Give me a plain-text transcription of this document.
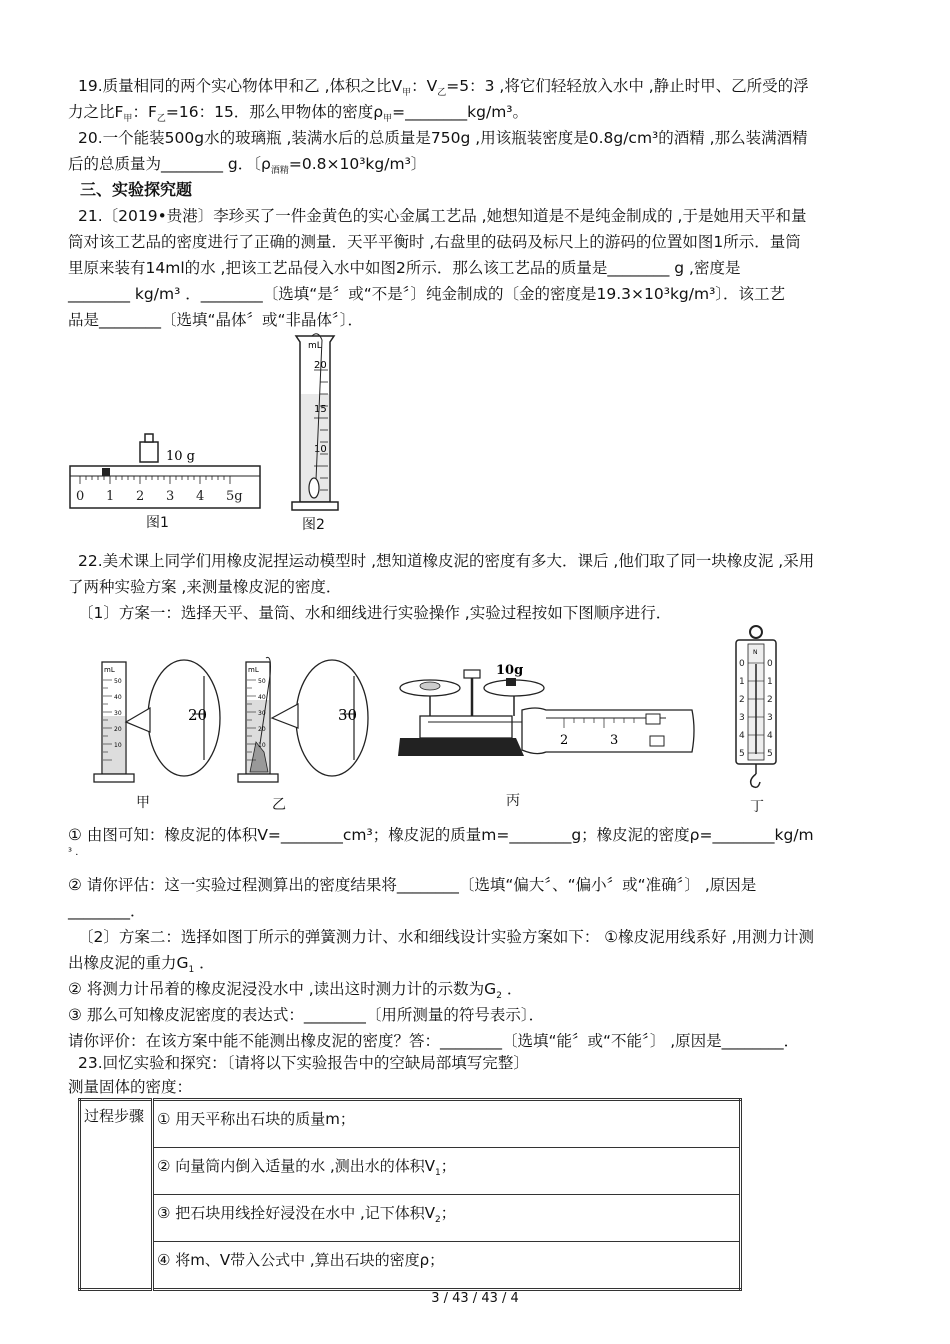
19.质量相同的两个实心物体甲和乙 ,体积之比$V_甲$：$V_乙=5$：3 ,将它们轻轻放入水中 ,静止时甲、乙所受的浮
力之比$F_甲$：$F_乙=16$：15．那么甲物体的密度$\rho_甲=\_\_\_\_\_\_\_\_kg/m^3$。
20.一个能装500g水的玻璃瓶 ,装满水后的总质量是750g ,用该瓶装密度是0.8g/cm³的酒精 ,那么装满酒精
后的总质量为________ g．〔$\rho_{酒精}=0.8\times 10^3kg/m^3$〕
三、实验探究题
21.〔2019•贵港〕李珍买了一件金黄色的实心金属工艺品 ,她想知道是不是纯金制成的 ,于是她用天平和量
筒对该工艺品的密度进行了正确的测量．天平平衡时 ,右盘里的砝码及标尺上的游码的位置如图1所示．量筒
里原来装有14ml的水 ,把该工艺品侵入水中如图2所示．那么该工艺品的质量是________ g ,密度是
________ kg/m³ ．________〔选填“是〞或“不是〞〕纯金制成的〔金的密度是19.3×10³kg/m³〕．该工艺
品是________〔选填“晶体〞或“非晶体〞〕．
10 g
0 1 2 3 4 5g
图1
mL
20
15
10
图2
22.美术课上同学们用橡皮泥捏运动模型时 ,想知道橡皮泥的密度有多大．课后 ,他们取了同一块橡皮泥 ,采用
了两种实验方案 ,来测量橡皮泥的密度．
〔1〕方案一：选择天平、量筒、水和细线进行实验操作 ,实验过程按如下图顺序进行．
mL
50
40
30
20
10
20
甲
mL
50
40
30
20
10
30
乙
10g
2	3
丙
N
0
1
2
3
4
5
0
1
2
3
4
5
丁
① 由图可知：橡皮泥的体积V=________cm³；橡皮泥的质量m=________g；橡皮泥的密度ρ=________kg/m
³ ．
② 请你评估：这一实验过程测算出的密度结果将________〔选填“偏大〞、“偏小〞或“准确〞〕 ,原因是
________．
〔2〕方案二：选择如图丁所示的弹簧测力计、水和细线设计实验方案如下： ①橡皮泥用线系好 ,用测力计测
出橡皮泥的重力$G_1$ ．
② 将测力计吊着的橡皮泥浸没水中 ,读出这时测力计的示数为$G_2$ ．
③ 那么可知橡皮泥密度的表达式：________〔用所测量的符号表示〕．
请你评价：在该方案中能不能测出橡皮泥的密度？答：________〔选填“能〞或“不能〞〕 ,原因是________．
23.回忆实验和探究：〔请将以下实验报告中的空缺局部填写完整〕
测量固体的密度：
过程步骤	① 用天平称出石块的质量m；
② 向量筒内倒入适量的水 ,测出水的体积$V_1$；
③ 把石块用线拴好浸没在水中 ,记下体积$V_2$；
④ 将m、V带入公式中 ,算出石块的密度ρ；
3 / 43 / 43 / 4
